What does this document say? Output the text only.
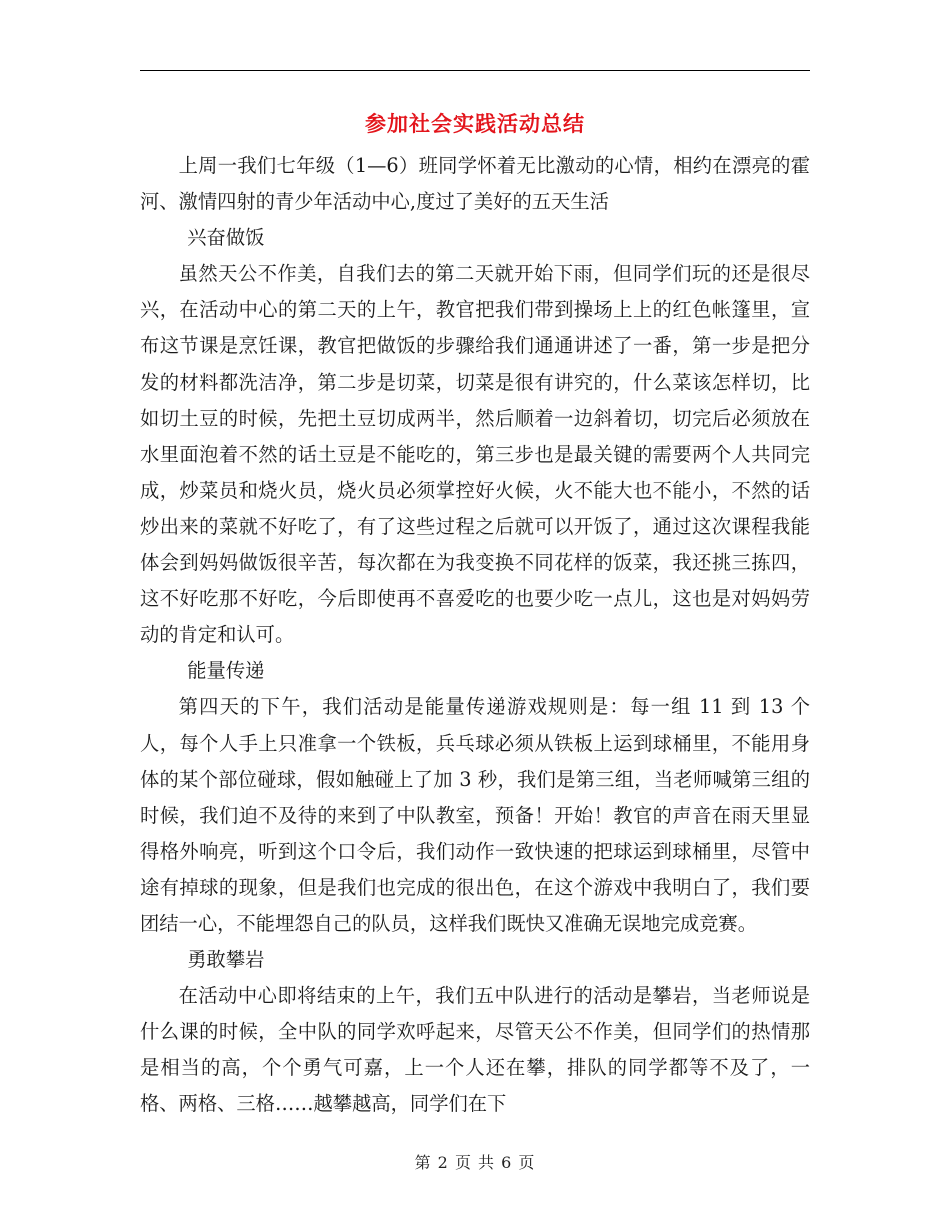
参加社会实践活动总结

上周一我们七年级（1—6）班同学怀着无比激动的心情，相约在漂亮的霍河、激情四射的青少年活动中心,度过了美好的五天生活

兴奋做饭

虽然天公不作美，自我们去的第二天就开始下雨，但同学们玩的还是很尽兴，在活动中心的第二天的上午，教官把我们带到操场上上的红色帐篷里，宣布这节课是烹饪课，教官把做饭的步骤给我们通通讲述了一番，第一步是把分发的材料都洗洁净，第二步是切菜，切菜是很有讲究的，什么菜该怎样切，比如切土豆的时候，先把土豆切成两半，然后顺着一边斜着切，切完后必须放在水里面泡着不然的话土豆是不能吃的，第三步也是最关键的需要两个人共同完成，炒菜员和烧火员，烧火员必须掌控好火候，火不能大也不能小，不然的话炒出来的菜就不好吃了，有了这些过程之后就可以开饭了，通过这次课程我能体会到妈妈做饭很辛苦，每次都在为我变换不同花样的饭菜，我还挑三拣四，这不好吃那不好吃，今后即使再不喜爱吃的也要少吃一点儿，这也是对妈妈劳动的肯定和认可。

能量传递

第四天的下午，我们活动是能量传递游戏规则是：每一组 11 到 13 个人，每个人手上只准拿一个铁板，兵乓球必须从铁板上运到球桶里，不能用身体的某个部位碰球，假如触碰上了加 3 秒，我们是第三组，当老师喊第三组的时候，我们迫不及待的来到了中队教室，预备！开始！教官的声音在雨天里显得格外响亮，听到这个口令后，我们动作一致快速的把球运到球桶里，尽管中途有掉球的现象，但是我们也完成的很出色，在这个游戏中我明白了，我们要团结一心，不能埋怨自己的队员，这样我们既快又准确无误地完成竞赛。

勇敢攀岩

在活动中心即将结束的上午，我们五中队进行的活动是攀岩，当老师说是什么课的时候，全中队的同学欢呼起来，尽管天公不作美，但同学们的热情那是相当的高，个个勇气可嘉，上一个人还在攀，排队的同学都等不及了，一格、两格、三格……越攀越高，同学们在下

第 2 页 共 6 页
